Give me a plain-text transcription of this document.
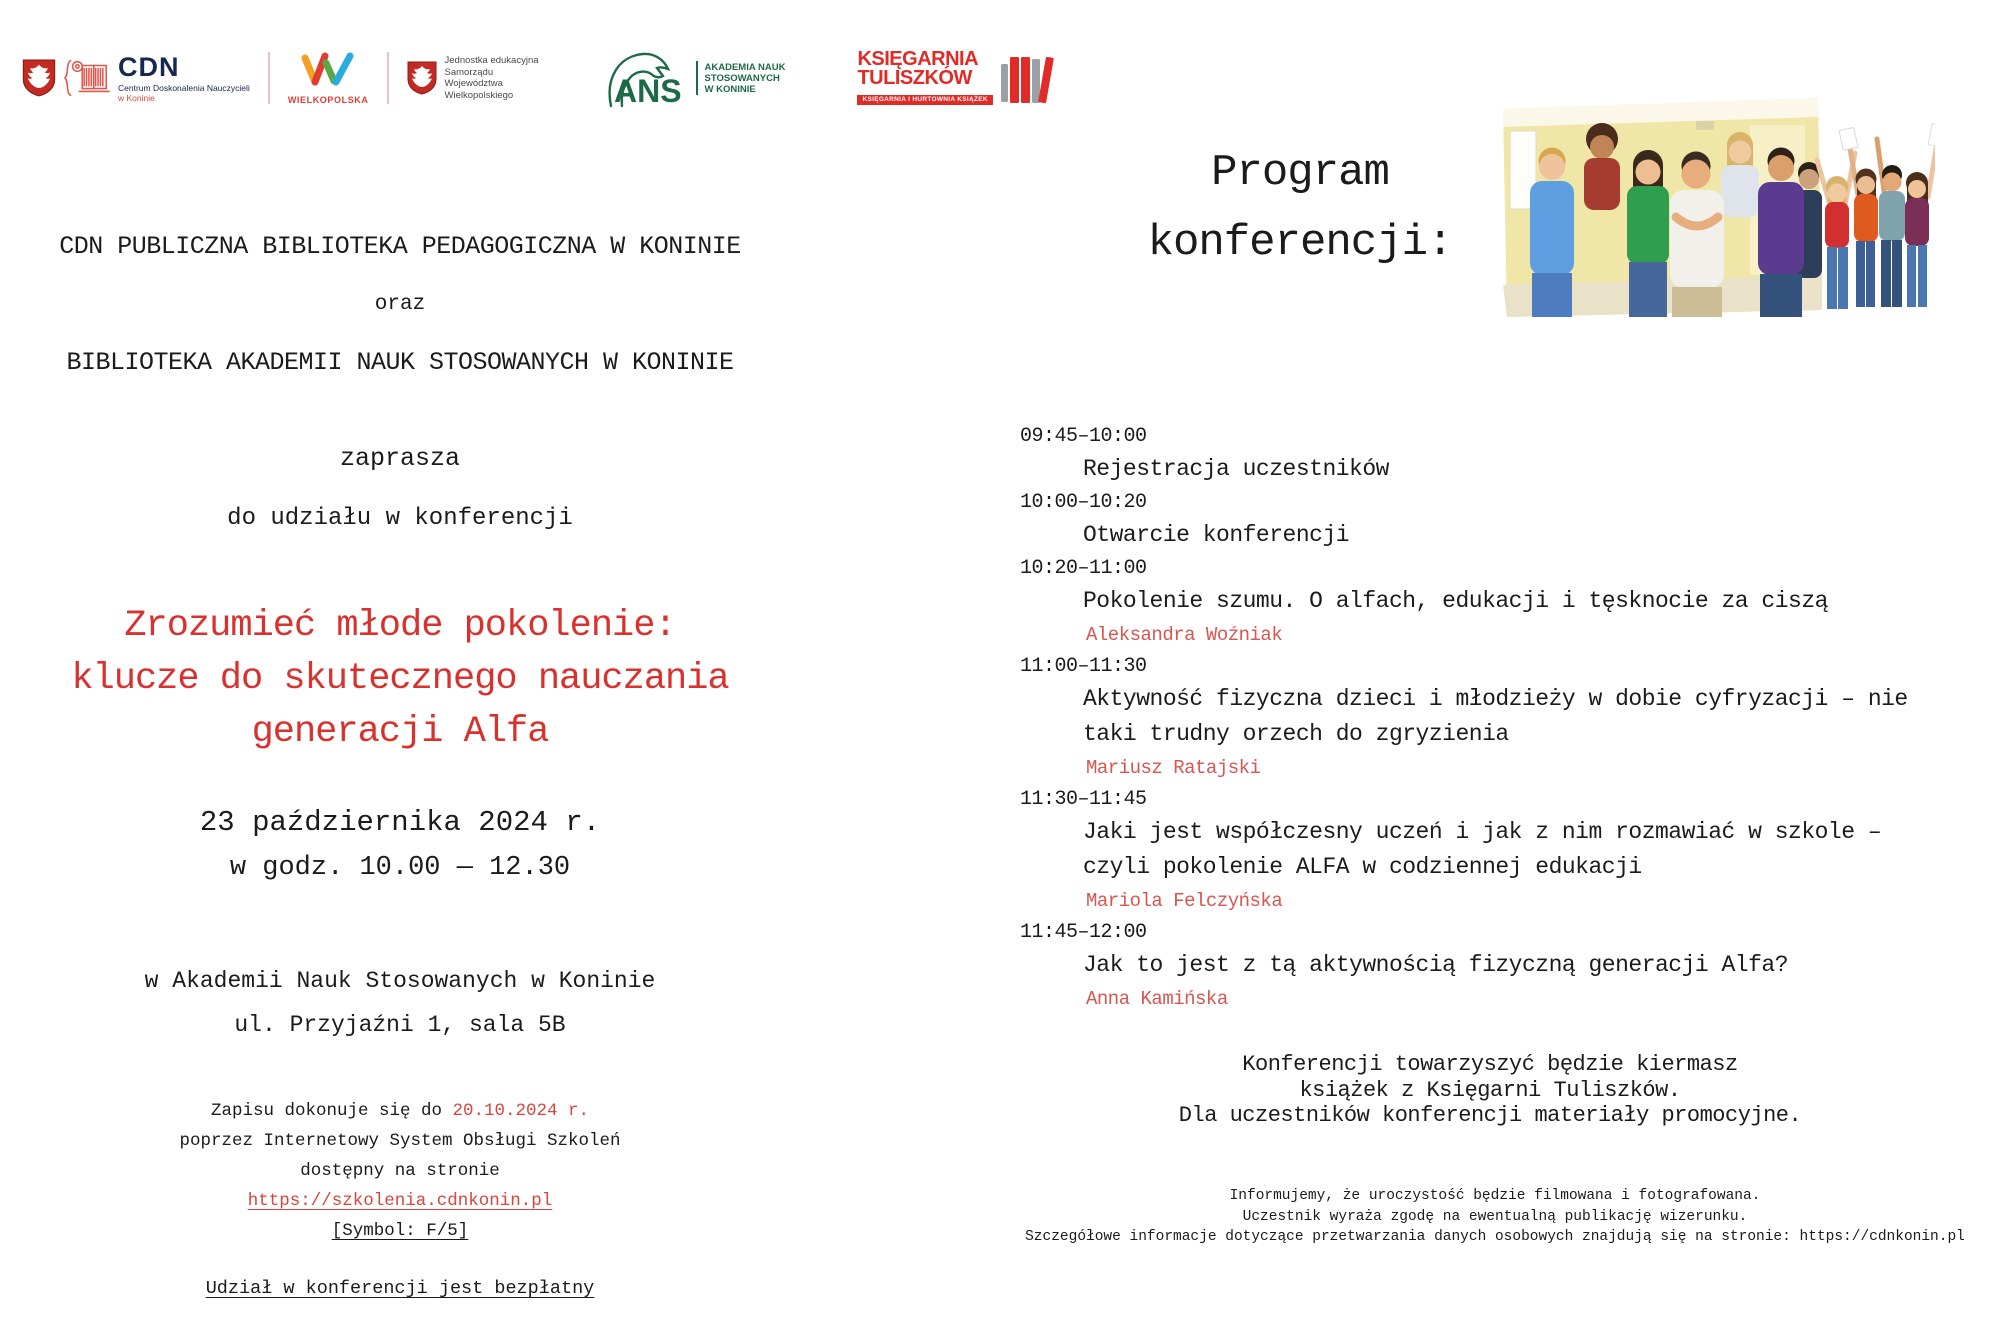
CDN
Centrum Doskonalenia Nauczycieli
w Koninie	WIELKOPOLSKA
Jednostka edukacyjna
Samorządu
Województwa
Wielkopolskiego	ANS
AKADEMIA NAUK
STOSOWANYCH
W KONINIE
KSIĘGARNIA
TULISZKÓW
KSIĘGARNIA I HURTOWNIA KSIĄŻEK
CDN PUBLICZNA BIBLIOTEKA PEDAGOGICZNA W KONINIE
oraz
BIBLIOTEKA AKADEMII NAUK STOSOWANYCH W KONINIE
zaprasza
do udziału w konferencji
Zrozumieć młode pokolenie:
klucze do skutecznego nauczania
generacji Alfa
23 października 2024 r.
w godz. 10.00 — 12.30
w Akademii Nauk Stosowanych w Koninie
ul. Przyjaźni 1, sala 5B
Zapisu dokonuje się do 20.10.2024 r.
poprzez Internetowy System Obsługi Szkoleń
dostępny na stronie
https://szkolenia.cdnkonin.pl
[Symbol: F/5]
Udział w konferencji jest bezpłatny
Program
konferencji:
09:45–10:00
Rejestracja uczestników
10:00–10:20
Otwarcie konferencji
10:20–11:00
Pokolenie szumu. O alfach, edukacji i tęsknocie za ciszą
Aleksandra Woźniak
11:00–11:30
Aktywność fizyczna dzieci i młodzieży w dobie cyfryzacji – nie taki trudny orzech do zgryzienia
Mariusz Ratajski
11:30–11:45
Jaki jest współczesny uczeń i jak z nim rozmawiać w szkole – czyli pokolenie ALFA w codziennej edukacji
Mariola Felczyńska
11:45–12:00
Jak to jest z tą aktywnością fizyczną generacji Alfa?
Anna Kamińska
Konferencji towarzyszyć będzie kiermasz
książek z Księgarni Tuliszków.
Dla uczestników konferencji materiały promocyjne.
Informujemy, że uroczystość będzie filmowana i fotografowana.
Uczestnik wyraża zgodę na ewentualną publikację wizerunku.
Szczegółowe informacje dotyczące przetwarzania danych osobowych znajdują się na stronie: https://cdnkonin.pl
